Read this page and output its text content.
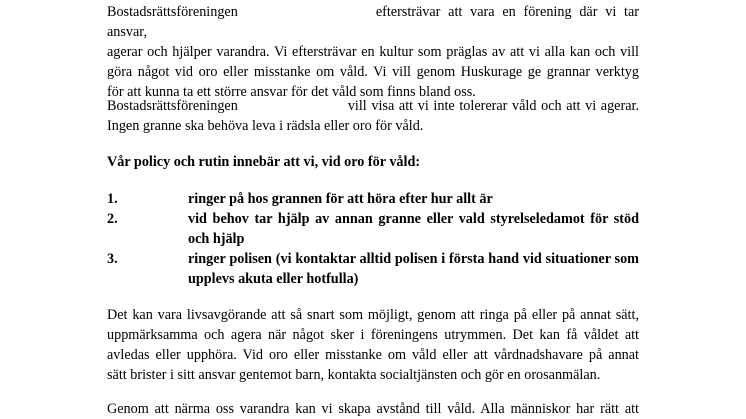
Bostadsrättsföreningen	eftersträvar att vara en förening där vi tar ansvar,
agerar och hjälper varandra. Vi eftersträvar en kultur som präglas av att vi alla kan och vill
göra något vid oro eller misstanke om våld. Vi vill genom Huskurage ge grannar verktyg
för att kunna ta ett större ansvar för det våld som finns bland oss.
Bostadsrättsföreningen	vill visa att vi inte tolererar våld och att vi agerar.
Ingen granne ska behöva leva i rädsla eller oro för våld.
Vår policy och rutin innebär att vi, vid oro för våld:
1.	ringer på hos grannen för att höra efter hur allt är
2.	vid behov tar hjälp av annan granne eller vald styrelseledamot för stöd och hjälp
3.	ringer polisen (vi kontaktar alltid polisen i första hand vid situationer som upplevs akuta eller hotfulla)
Det kan vara livsavgörande att så snart som möjligt, genom att ringa på eller på annat sätt,
uppmärksamma och agera när något sker i föreningens utrymmen. Det kan få våldet att
avledas eller upphöra. Vid oro eller misstanke om våld eller att vårdnadshavare på annat
sätt brister i sitt ansvar gentemot barn, kontakta socialtjänsten och gör en orosanmälan.
Genom att närma oss varandra kan vi skapa avstånd till våld. Alla människor har rätt att
